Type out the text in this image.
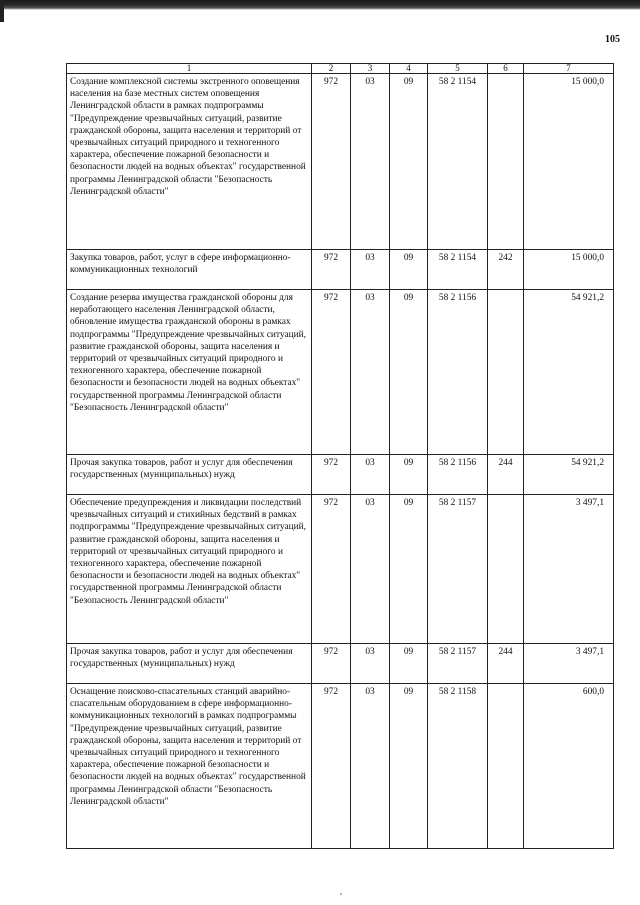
105
1	2	3	4	5	6	7
Создание комплексной системы экстренного оповещения населения на базе местных систем оповещения Ленинградской области в рамках подпрограммы "Предупреждение чрезвычайных ситуаций, развитие гражданской обороны, защита населения и территорий от чрезвычайных ситуаций природного и техногенного характера, обеспечение пожарной безопасности и безопасности людей на водных объектах" государственной программы Ленинградской области "Безопасность Ленинградской области"	972	03	09	58 2 1154		15 000,0
Закупка товаров, работ, услуг в сфере информационно-коммуникационных технологий	972	03	09	58 2 1154	242	15 000,0
Создание резерва имущества гражданской обороны для неработающего населения Ленинградской области, обновление имущества гражданской обороны в рамках подпрограммы "Предупреждение чрезвычайных ситуаций, развитие гражданской обороны, защита населения и территорий от чрезвычайных ситуаций природного и техногенного характера, обеспечение пожарной безопасности и безопасности людей на водных объектах" государственной программы Ленинградской области "Безопасность Ленинградской области"	972	03	09	58 2 1156		54 921,2
Прочая закупка товаров, работ и услуг для обеспечения государственных (муниципальных) нужд	972	03	09	58 2 1156	244	54 921,2
Обеспечение предупреждения и ликвидации последствий чрезвычайных ситуаций и стихийных бедствий в рамках подпрограммы "Предупреждение чрезвычайных ситуаций, развитие гражданской обороны, защита населения и территорий от чрезвычайных ситуаций природного и техногенного характера, обеспечение пожарной безопасности и безопасности людей на водных объектах" государственной программы Ленинградской области "Безопасность Ленинградской области"	972	03	09	58 2 1157		3 497,1
Прочая закупка товаров, работ и услуг для обеспечения государственных (муниципальных) нужд	972	03	09	58 2 1157	244	3 497,1
Оснащение поисково-спасательных станций аварийно-спасательным оборудованием в сфере информационно-коммуникационных технологий в рамках подпрограммы "Предупреждение чрезвычайных ситуаций, развитие гражданской обороны, защита населения и территорий от чрезвычайных ситуаций природного и техногенного характера, обеспечение пожарной безопасности и безопасности людей на водных объектах" государственной программы Ленинградской области "Безопасность Ленинградской области"	972	03	09	58 2 1158		600,0
